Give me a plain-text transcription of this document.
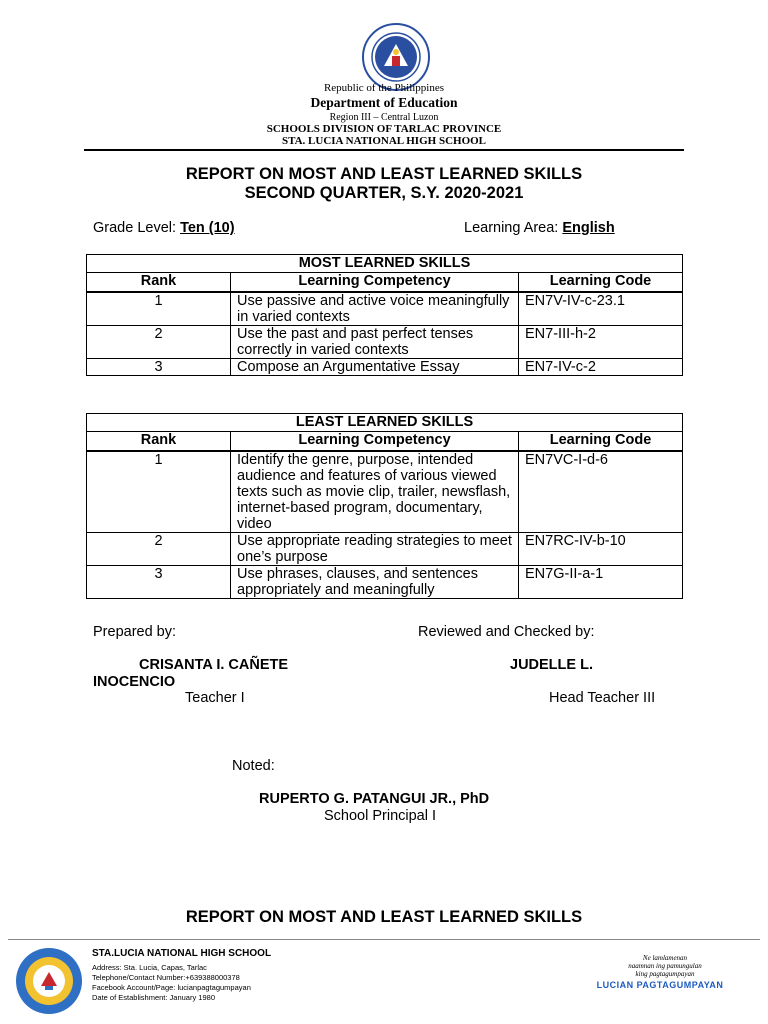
Republic of the Philippines
Department of Education
Region III – Central Luzon
SCHOOLS DIVISION OF TARLAC PROVINCE
STA. LUCIA NATIONAL HIGH SCHOOL
REPORT ON MOST AND LEAST LEARNED SKILLS
SECOND QUARTER, S.Y. 2020-2021
Grade Level: Ten (10)	Learning Area: English
MOST LEARNED SKILLS		
Rank	Learning Competency	Learning Code
1	Use passive and active voice meaningfully in varied contexts	EN7V-IV-c-23.1
2	Use the past and past perfect tenses correctly in varied contexts	EN7-III-h-2
3	Compose an Argumentative Essay	EN7-IV-c-2
LEAST LEARNED SKILLS		
Rank	Learning Competency	Learning Code
1	Identify the genre, purpose, intended audience and features of various viewed texts such as movie clip, trailer, newsflash, internet-based program, documentary, video	EN7VC-I-d-6
2	Use appropriate reading strategies to meet one’s purpose	EN7RC-IV-b-10
3	Use phrases, clauses, and sentences appropriately and meaningfully	EN7G-II-a-1
Prepared by:	Reviewed and Checked by:
CRISANTA I. CAÑETE
INOCENCIO
Teacher I
JUDELLE L.
Head Teacher III
Noted:
RUPERTO G. PATANGUI JR., PhD
School Principal I
REPORT ON MOST AND LEAST LEARNED SKILLS
STA.LUCIA NATIONAL HIGH SCHOOL
Address: Sta. Lucia, Capas, Tarlac
Telephone/Contact Number:+639388000378
Facebook Account/Page: lucianpagtagumpayan
Date of Establishment: January 1980
Ne lamlamenan
naamnan ing pamungulan
king pagtagumpayan
LUCIAN PAGTAGUMPAYAN
